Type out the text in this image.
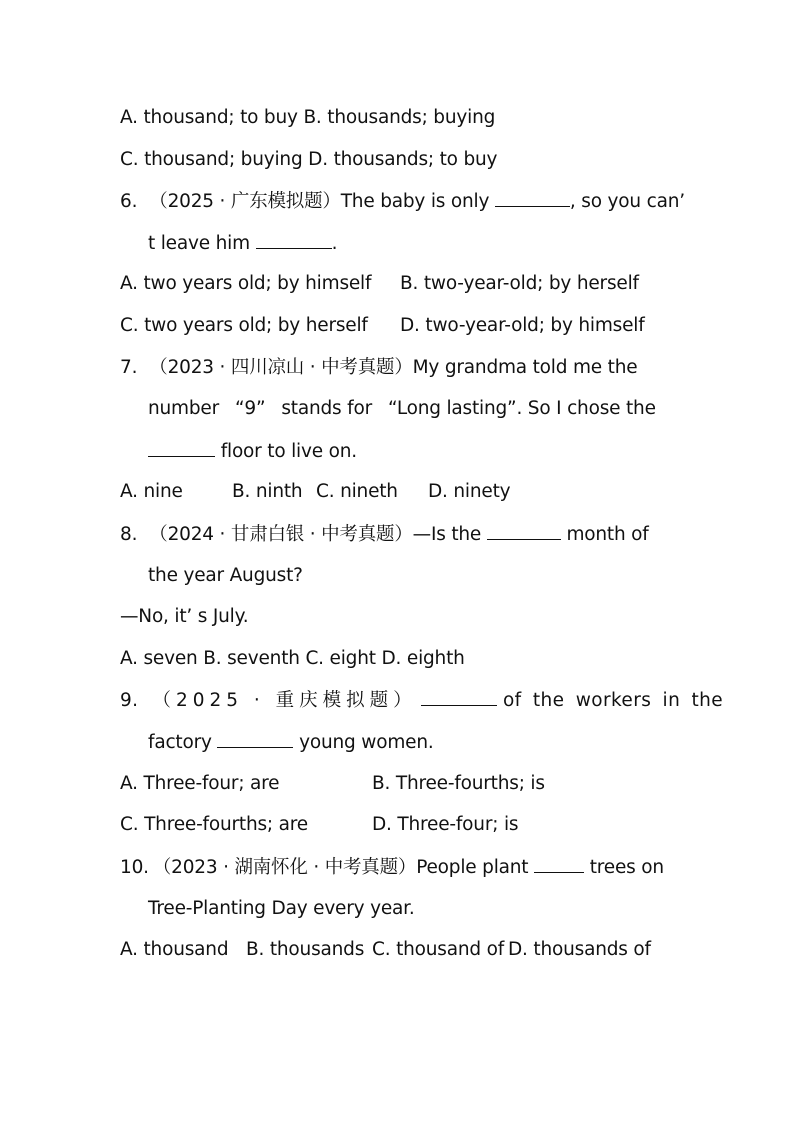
A. thousand; to buy B. thousands; buying
C. thousand; buying D. thousands; to buy
6. （2025 · 广东模拟题）The baby is only	, so you can’
t leave him	.
A. two years old; by himself B. two-year-old; by herself
C. two years old; by herself D. two-year-old; by himself
7. （2023 · 四川凉山 · 中考真题）My grandma told me the
number “9” stands for “Long lasting”. So I chose the
floor to live on.
A. nine	B. ninth C. nineth D. ninety
8. （2024 · 甘肃白银 · 中考真题）—Is the	month of
the year August?
—No, it’ s July.
A. seven B. seventh C. eight D. eighth
9. （2025 · 重庆模拟题）	of the workers in the
factory	young women.
A. Three-four; are	B. Three-fourths; is
C. Three-fourths; are	D. Three-four; is
10. （2023 · 湖南怀化 · 中考真题）People plant	trees on
Tree-Planting Day every year.
A. thousand B. thousands C. thousand of D. thousands of
